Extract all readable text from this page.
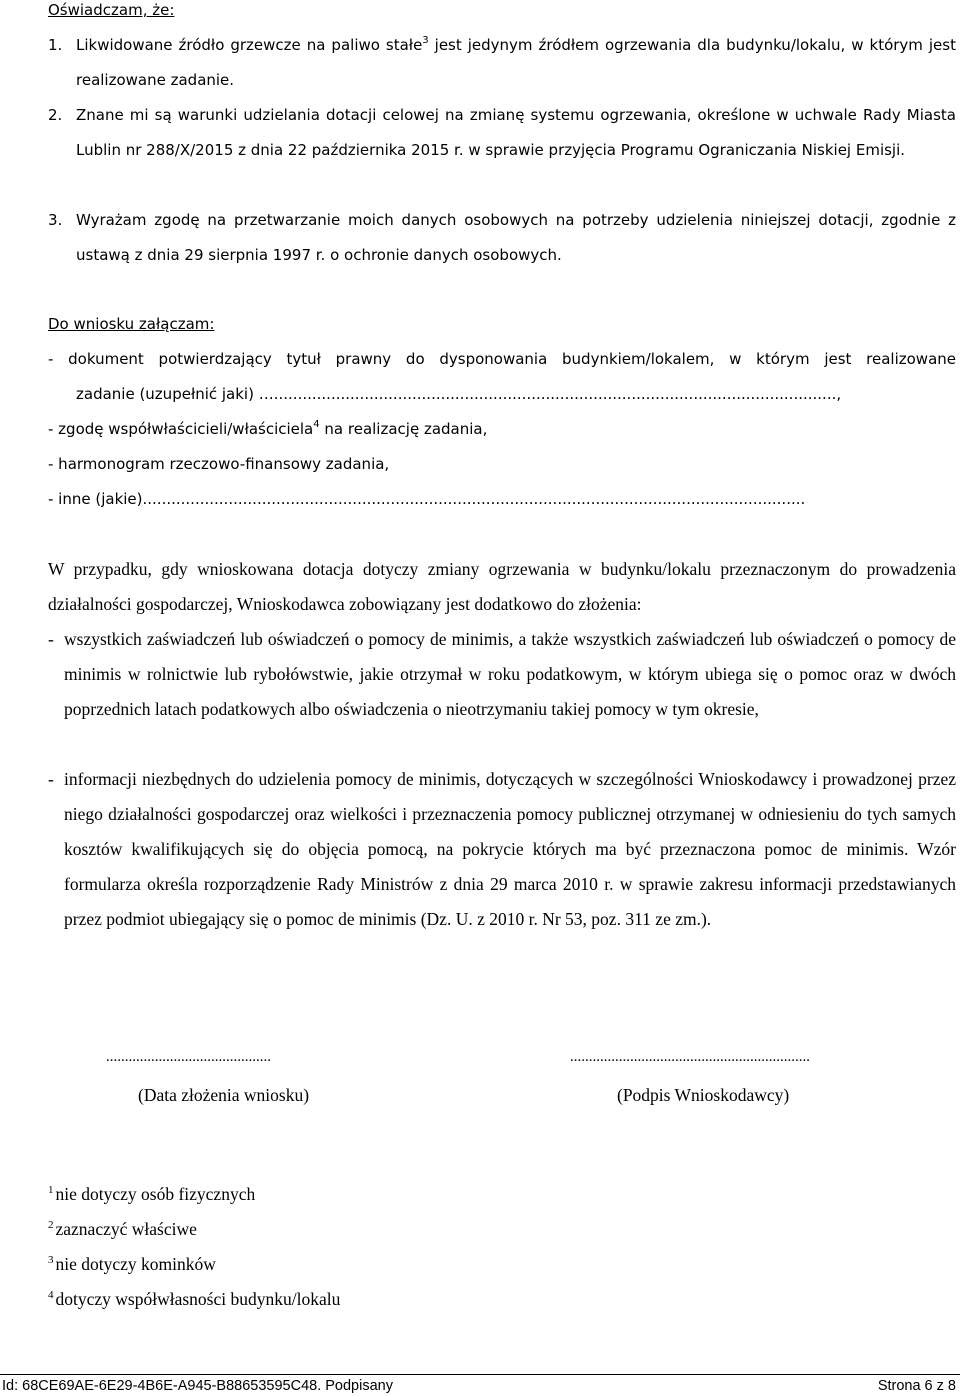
Oświadczam, że:
1. Likwidowane źródło grzewcze na paliwo stałe$^3$ jest jedynym źródłem ogrzewania dla budynku/lokalu, w którym jest realizowane zadanie.
2. Znane mi są warunki udzielania dotacji celowej na zmianę systemu ogrzewania, określone w uchwale Rady Miasta Lublin nr 288/X/2015 z dnia 22 października 2015 r. w sprawie przyjęcia Programu Ograniczania Niskiej Emisji.
3. Wyrażam zgodę na przetwarzanie moich danych osobowych na potrzeby udzielenia niniejszej dotacji, zgodnie z ustawą z dnia 29 sierpnia 1997 r. o ochronie danych osobowych.
Do wniosku załączam:
- dokument potwierdzający tytuł prawny do dysponowania budynkiem/lokalem, w którym jest realizowane
zadanie (uzupełnić jaki) …......................................................................................................................,
- zgodę współwłaścicieli/właściciela$^4$ na realizację zadania,
- harmonogram rzeczowo-finansowy zadania,
- inne (jakie)...........................................................................................................................................
W przypadku, gdy wnioskowana dotacja dotyczy zmiany ogrzewania w budynku/lokalu przeznaczonym do prowadzenia działalności gospodarczej, Wnioskodawca zobowiązany jest dodatkowo do złożenia:
- wszystkich zaświadczeń lub oświadczeń o pomocy de minimis, a także wszystkich zaświadczeń lub oświadczeń o pomocy de minimis w rolnictwie lub rybołówstwie, jakie otrzymał w roku podatkowym, w którym ubiega się o pomoc oraz w dwóch poprzednich latach podatkowych albo oświadczenia o nieotrzymaniu takiej pomocy w tym okresie,
- informacji niezbędnych do udzielenia pomocy de minimis, dotyczących w szczególności Wnioskodawcy i prowadzonej przez niego działalności gospodarczej oraz wielkości i przeznaczenia pomocy publicznej otrzymanej w odniesieniu do tych samych kosztów kwalifikujących się do objęcia pomocą, na pokrycie których ma być przeznaczona pomoc de minimis. Wzór formularza określa rozporządzenie Rady Ministrów z dnia 29 marca 2010 r. w sprawie zakresu informacji przedstawianych przez podmiot ubiegający się o pomoc de minimis (Dz. U. z 2010 r. Nr 53, poz. 311 ze zm.).
............................................
(Data złożenia wniosku)
................................................................
(Podpis Wnioskodawcy)
$^1$ nie dotyczy osób fizycznych
$^2$ zaznaczyć właściwe
$^3$ nie dotyczy kominków
$^4$ dotyczy współwłasności budynku/lokalu
Id: 68CE69AE-6E29-4B6E-A945-B88653595C48. Podpisany	Strona 6 z 8
